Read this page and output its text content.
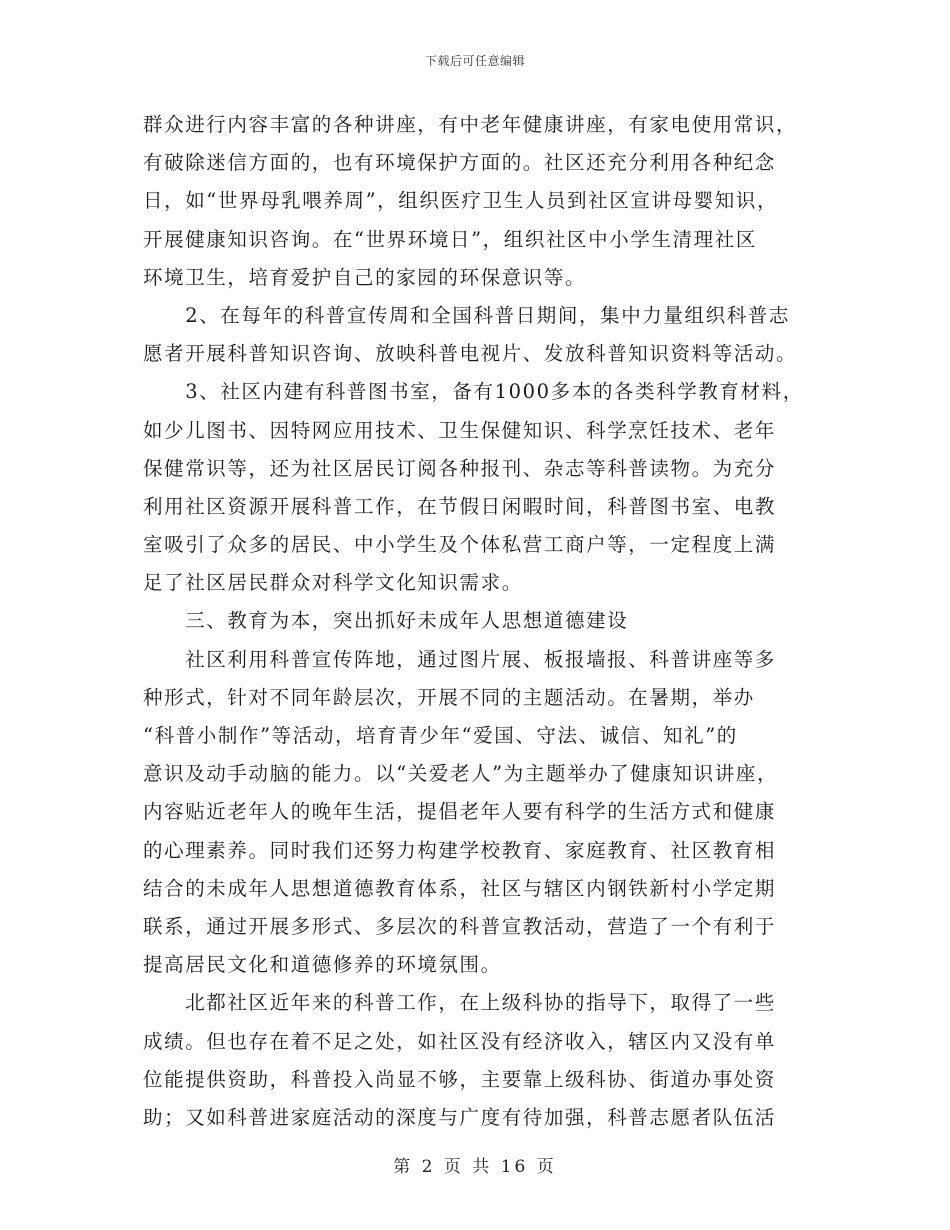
下载后可任意编辑
群众进行内容丰富的各种讲座，有中老年健康讲座，有家电使用常识，
有破除迷信方面的，也有环境保护方面的。社区还充分利用各种纪念
日，如“世界母乳喂养周”，组织医疗卫生人员到社区宣讲母婴知识，
开展健康知识咨询。在“世界环境日”，组织社区中小学生清理社区
环境卫生，培育爱护自己的家园的环保意识等。
　　2、在每年的科普宣传周和全国科普日期间，集中力量组织科普志
愿者开展科普知识咨询、放映科普电视片、发放科普知识资料等活动。
　　3、社区内建有科普图书室，备有1000多本的各类科学教育材料，
如少儿图书、因特网应用技术、卫生保健知识、科学烹饪技术、老年
保健常识等，还为社区居民订阅各种报刊、杂志等科普读物。为充分
利用社区资源开展科普工作，在节假日闲暇时间，科普图书室、电教
室吸引了众多的居民、中小学生及个体私营工商户等，一定程度上满
足了社区居民群众对科学文化知识需求。
　　三、教育为本，突出抓好未成年人思想道德建设
　　社区利用科普宣传阵地，通过图片展、板报墙报、科普讲座等多
种形式，针对不同年龄层次，开展不同的主题活动。在暑期，举办
“科普小制作”等活动，培育青少年“爱国、守法、诚信、知礼”的
意识及动手动脑的能力。以“关爱老人”为主题举办了健康知识讲座，
内容贴近老年人的晚年生活，提倡老年人要有科学的生活方式和健康
的心理素养。同时我们还努力构建学校教育、家庭教育、社区教育相
结合的未成年人思想道德教育体系，社区与辖区内钢铁新村小学定期
联系，通过开展多形式、多层次的科普宣教活动，营造了一个有利于
提高居民文化和道德修养的环境氛围。
　　北都社区近年来的科普工作，在上级科协的指导下，取得了一些
成绩。但也存在着不足之处，如社区没有经济收入，辖区内又没有单
位能提供资助，科普投入尚显不够，主要靠上级科协、街道办事处资
助；又如科普进家庭活动的深度与广度有待加强，科普志愿者队伍活
第 2 页 共 16 页
